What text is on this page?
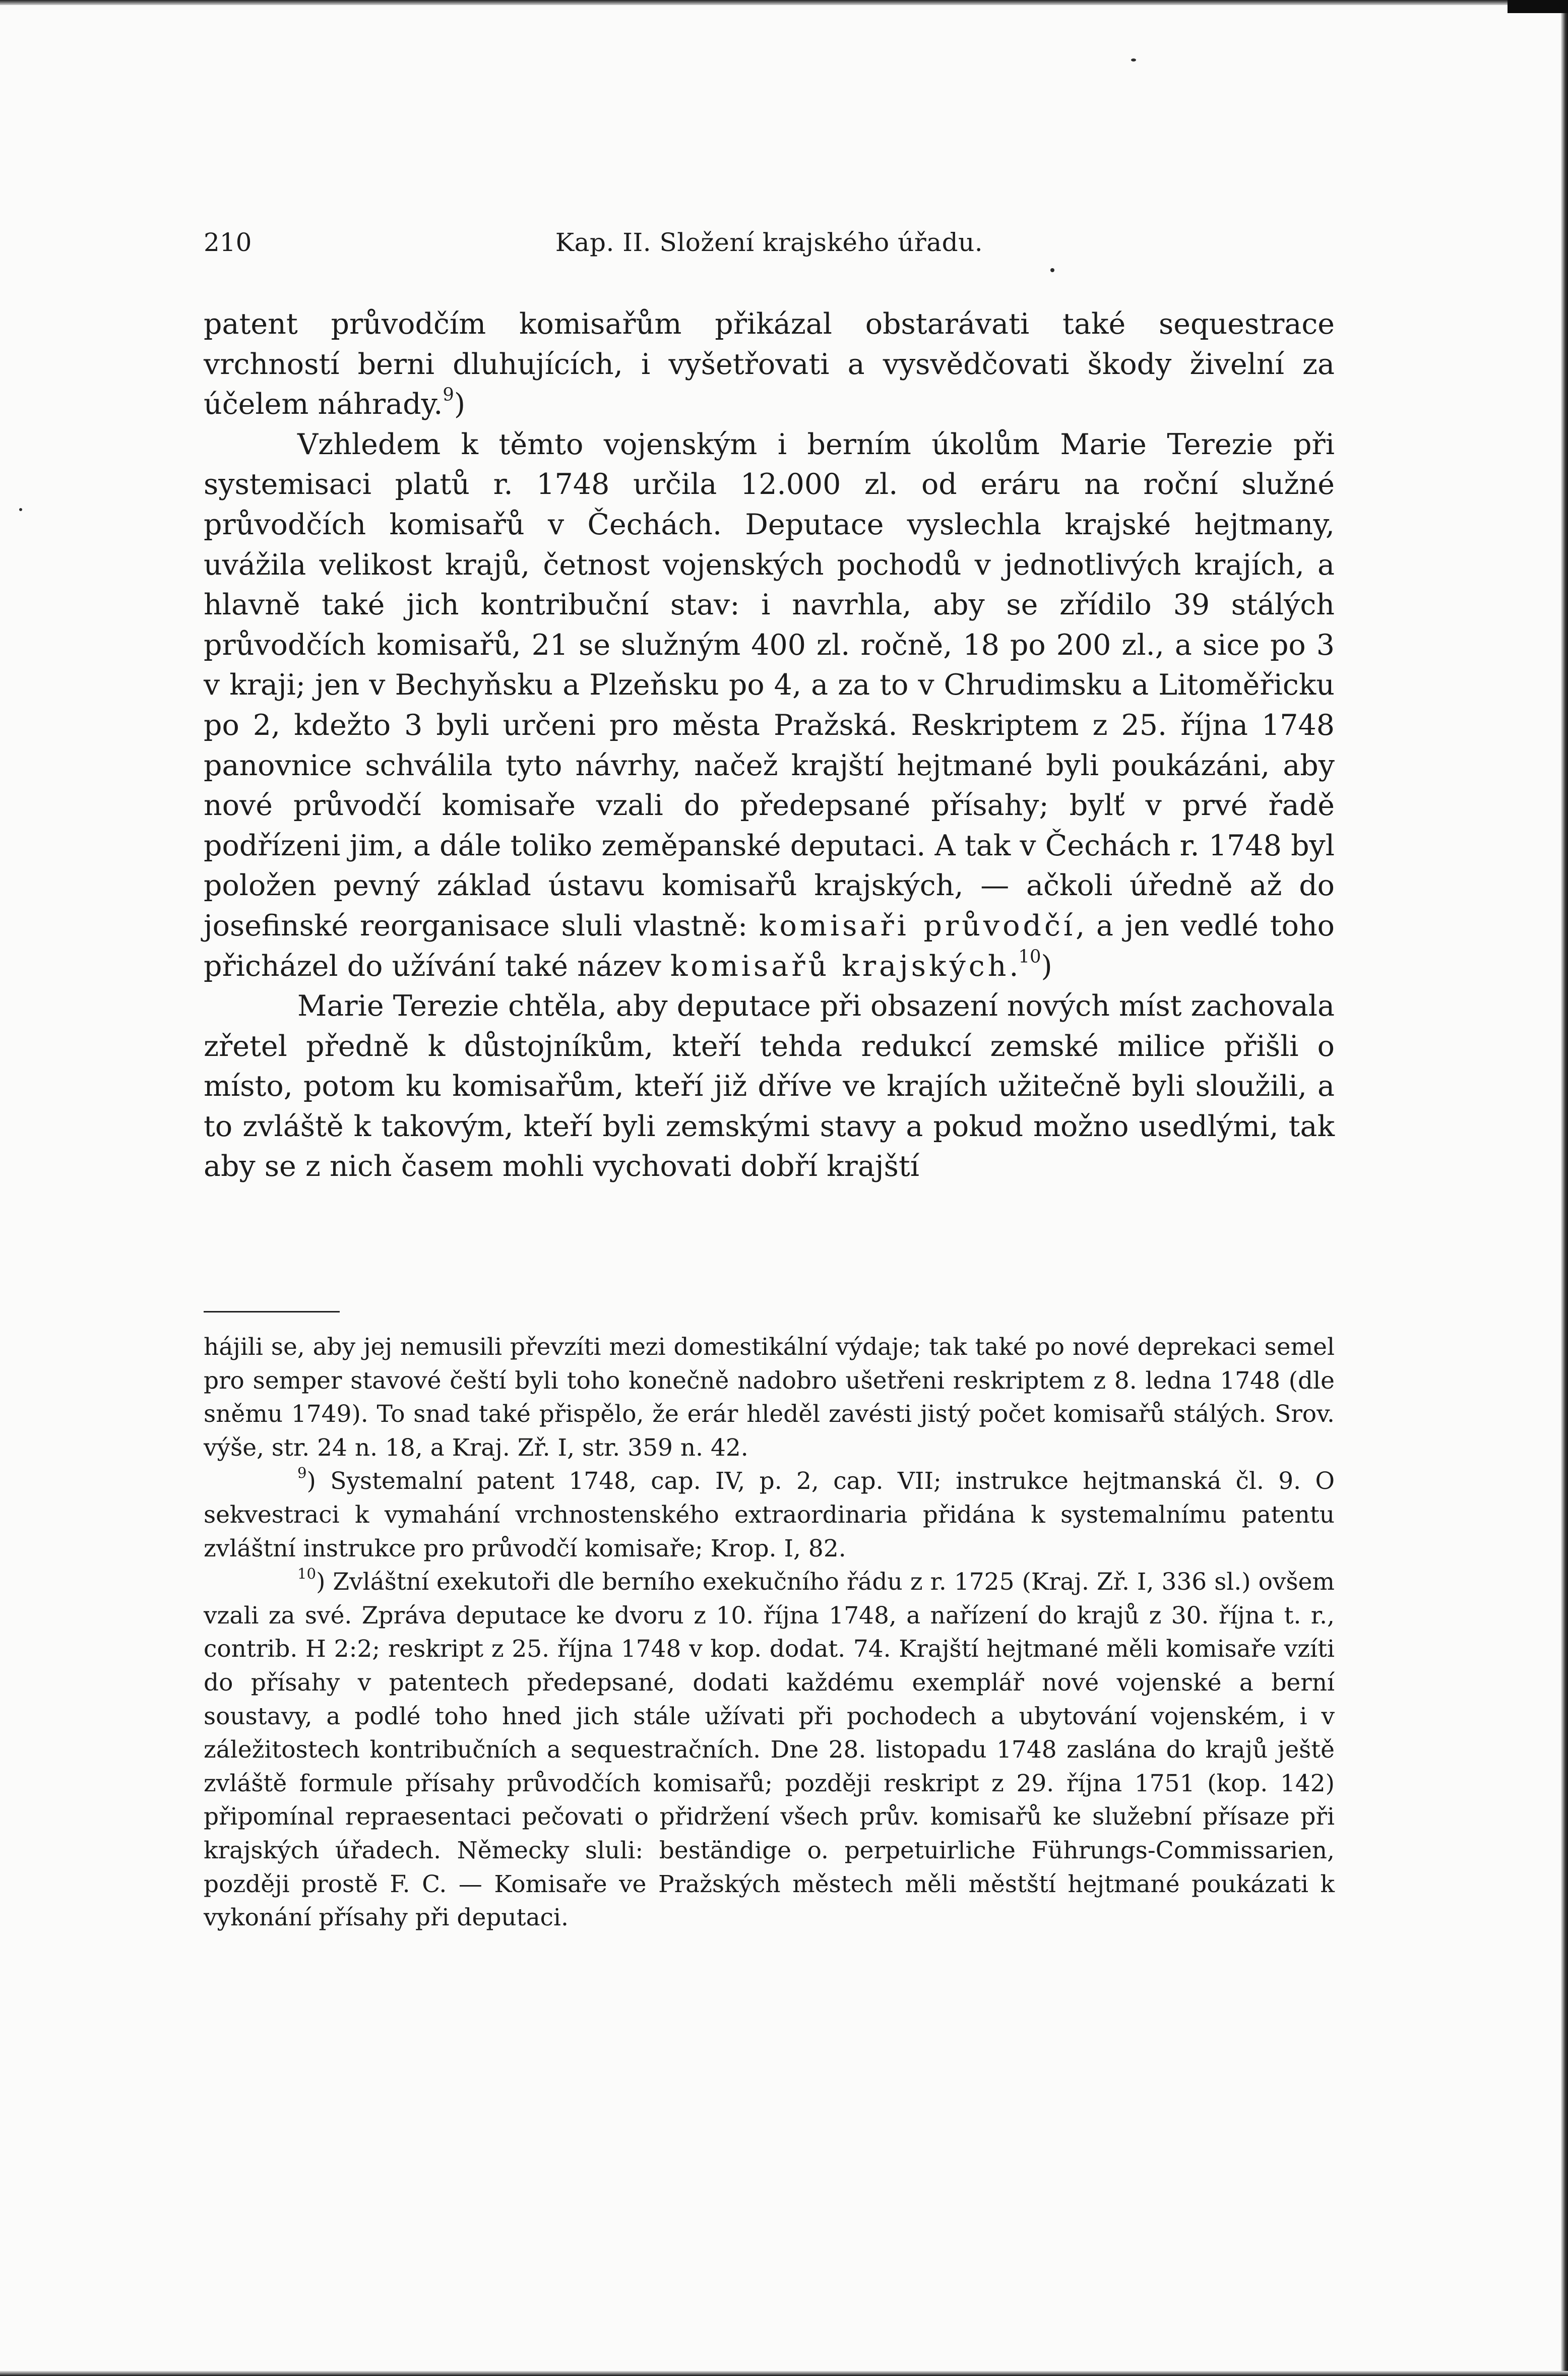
210	Kap. II. Složení krajského úřadu.

patent průvodčím komisařům přikázal obstarávati také sequestrace vrchností berni dluhujících, i vyšetřovati a vysvědčovati škody živelní za účelem náhrady.$^9$)

Vzhledem k těmto vojenským i berním úkolům Marie Terezie při systemisaci platů r. 1748 určila 12.000 zl. od eráru na roční služné průvodčích komisařů v Čechách. Deputace vyslechla krajské hejtmany, uvážila velikost krajů, četnost vojenských pochodů v jednotlivých krajích, a hlavně také jich kontribuční stav: i navrhla, aby se zřídilo 39 stálých průvodčích komisařů, 21 se služným 400 zl. ročně, 18 po 200 zl., a sice po 3 v kraji; jen v Bechyňsku a Plzeňsku po 4, a za to v Chrudimsku a Litoměřicku po 2, kdežto 3 byli určeni pro města Pražská. Reskriptem z 25. října 1748 panovnice schválila tyto návrhy, načež krajští hejtmané byli poukázáni, aby nové průvodčí komisaře vzali do předepsané přísahy; bylť v prvé řadě podřízeni jim, a dále toliko zeměpanské deputaci. A tak v Čechách r. 1748 byl položen pevný základ ústavu komisařů krajských, — ačkoli úředně až do josefinské reorganisace sluli vlastně: komisaři průvodčí, a jen vedlé toho přicházel do užívání také název komisařů krajských.$^{10}$)

Marie Terezie chtěla, aby deputace při obsazení nových míst zachovala zřetel předně k důstojníkům, kteří tehda redukcí zemské milice přišli o místo, potom ku komisařům, kteří již dříve ve krajích užitečně byli sloužili, a to zvláště k takovým, kteří byli zemskými stavy a pokud možno usedlými, tak aby se z nich časem mohli vychovati dobří krajští

hájili se, aby jej nemusili převzíti mezi domestikální výdaje; tak také po nové deprekaci semel pro semper stavové čeští byli toho konečně nadobro ušetřeni reskriptem z 8. ledna 1748 (dle sněmu 1749). To snad také přispělo, že erár hleděl zavésti jistý počet komisařů stálých. Srov. výše, str. 24 n. 18, a Kraj. Zř. I, str. 359 n. 42.

$^9$) Systemalní patent 1748, cap. IV, p. 2, cap. VII; instrukce hejtmanská čl. 9. O sekvestraci k vymahání vrchnostenského extraordinaria přidána k systemalnímu patentu zvláštní instrukce pro průvodčí komisaře; Krop. I, 82.

$^{10}$) Zvláštní exekutoři dle berního exekučního řádu z r. 1725 (Kraj. Zř. I, 336 sl.) ovšem vzali za své. Zpráva deputace ke dvoru z 10. října 1748, a nařízení do krajů z 30. října t. r., contrib. H 2:2; reskript z 25. října 1748 v kop. dodat. 74. Krajští hejtmané měli komisaře vzíti do přísahy v patentech předepsané, dodati každému exemplář nové vojenské a berní soustavy, a podlé toho hned jich stále užívati při pochodech a ubytování vojenském, i v záležitostech kontribučních a sequestračních. Dne 28. listopadu 1748 zaslána do krajů ještě zvláště formule přísahy průvodčích komisařů; později reskript z 29. října 1751 (kop. 142) připomínal repraesentaci pečovati o přidržení všech prův. komisařů ke služební přísaze při krajských úřadech. Německy sluli: beständige o. perpetuirliche Führungs-Commissarien, později prostě F. C. — Komisaře ve Pražských městech měli městští hejtmané poukázati k vykonání přísahy při deputaci.
